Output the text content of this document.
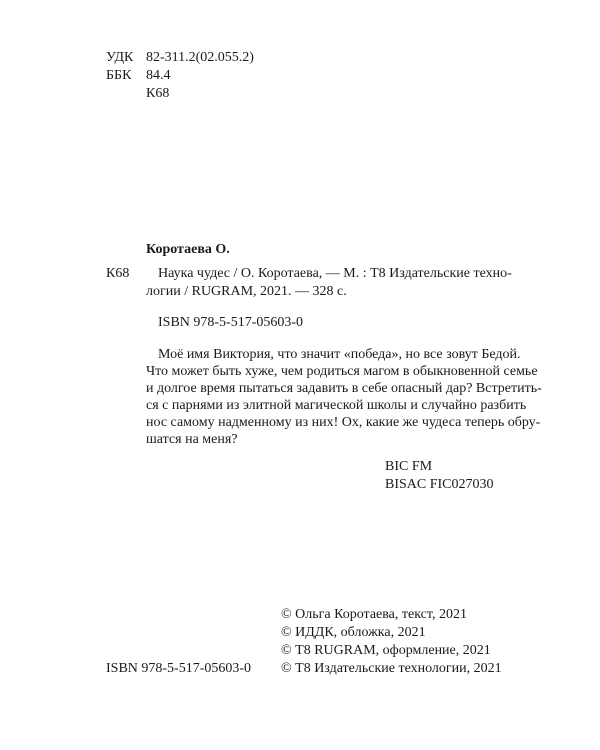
УДК 82-311.2(02.055.2)
ББК 84.4
К68
Коротаева О.
К68 Наука чудес / О. Коротаева, — М. : Т8 Издательские техно-
логии / RUGRAM, 2021. — 328 с.
ISBN 978-5-517-05603-0
Моё имя Виктория, что значит «победа», но все зовут Бедой.
Что может быть хуже, чем родиться магом в обыкновенной семье
и долгое время пытаться задавить в себе опасный дар? Встретить-
ся с парнями из элитной магической школы и случайно разбить
нос самому надменному из них! Ох, какие же чудеса теперь обру-
шатся на меня?
BIC FM
BISAC FIC027030
ISBN 978-5-517-05603-0
© Ольга Коротаева, текст, 2021
© ИДДК, обложка, 2021
© Т8 RUGRAM, оформление, 2021
© Т8 Издательские технологии, 2021
